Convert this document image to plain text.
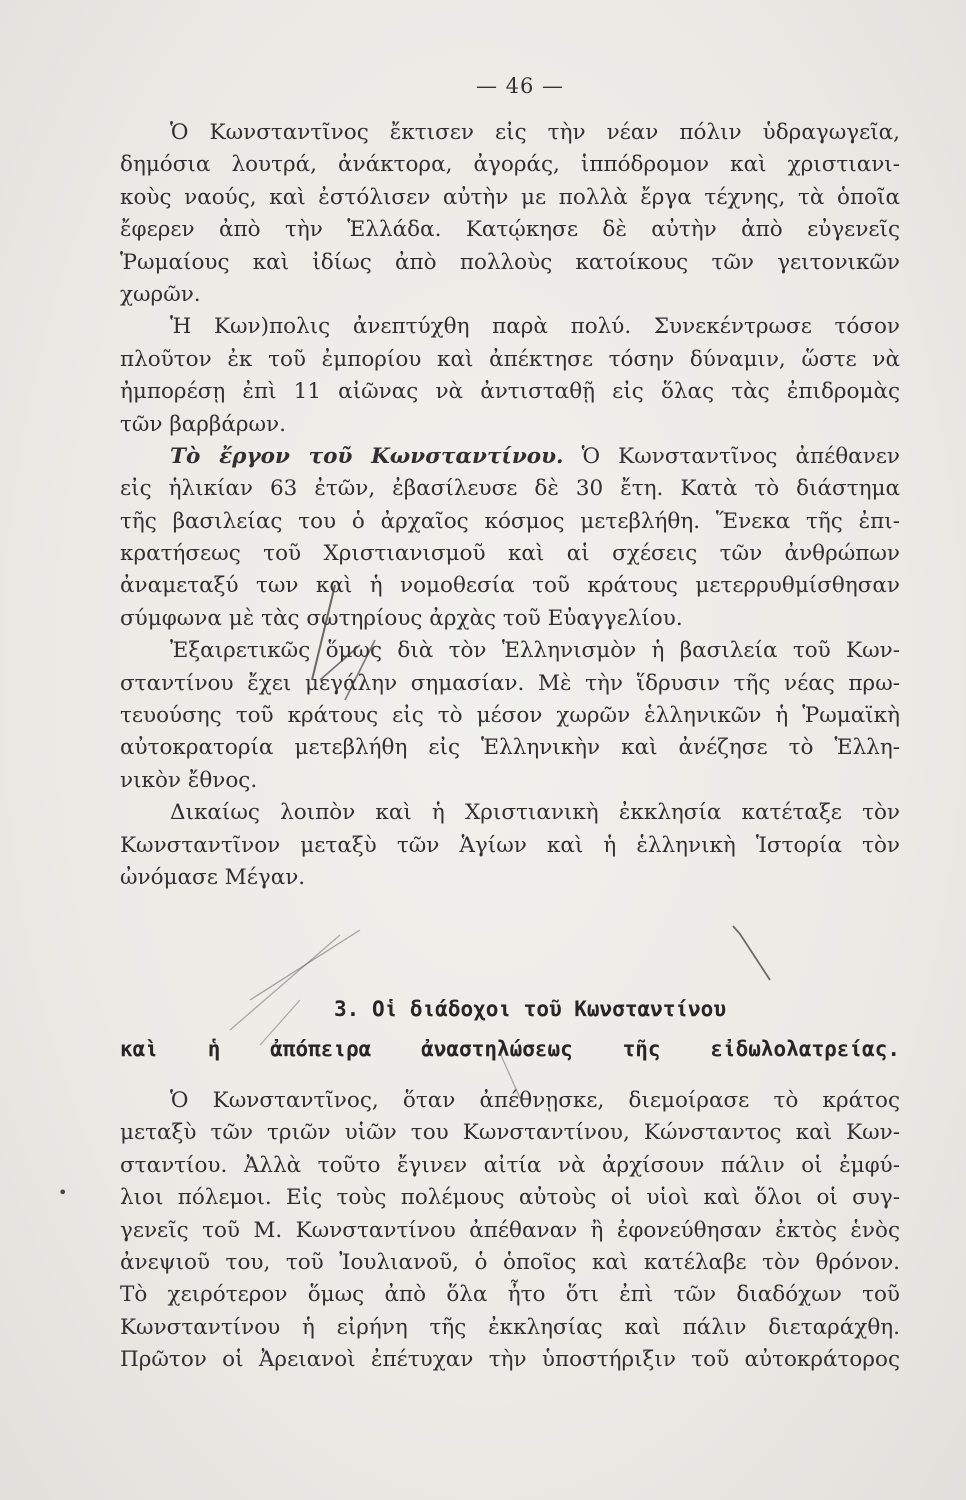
— 46 —
Ὁ Κωνσταντῖνος ἔκτισεν εἰς τὴν νέαν πόλιν ὑδραγωγεῖα,
δημόσια λουτρά, ἀνάκτορα, ἀγοράς, ἱππόδρομον καὶ χριστιανι-
κοὺς ναούς, καὶ ἐστόλισεν αὐτὴν με πολλὰ ἔργα τέχνης, τὰ ὁποῖα
ἔφερεν ἀπὸ τὴν Ἑλλάδα. Κατῴκησε δὲ αὐτὴν ἀπὸ εὐγενεῖς
Ῥωμαίους καὶ ἰδίως ἀπὸ πολλοὺς κατοίκους τῶν γειτονικῶν
χωρῶν.
Ἡ Κων)πολις ἀνεπτύχθη παρὰ πολύ. Συνεκέντρωσε τόσον
πλοῦτον ἐκ τοῦ ἐμπορίου καὶ ἀπέκτησε τόσην δύναμιν, ὥστε νὰ
ἠμπορέσῃ ἐπὶ 11 αἰῶνας νὰ ἀντισταθῇ εἰς ὅλας τὰς ἐπιδρομὰς
τῶν βαρβάρων.
Τὸ ἔργον τοῦ Κωνσταντίνου. Ὁ Κωνσταντῖνος ἀπέθανεν
εἰς ἡλικίαν 63 ἐτῶν, ἐβασίλευσε δὲ 30 ἔτη. Κατὰ τὸ διάστημα
τῆς βασιλείας του ὁ ἀρχαῖος κόσμος μετεβλήθη. Ἕνεκα τῆς ἐπι-
κρατήσεως τοῦ Χριστιανισμοῦ καὶ αἱ σχέσεις τῶν ἀνθρώπων
ἀναμεταξύ των καὶ ἡ νομοθεσία τοῦ κράτους μετερρυθμίσθησαν
σύμφωνα μὲ τὰς σωτηρίους ἀρχὰς τοῦ Εὐαγγελίου.
Ἐξαιρετικῶς ὅμως διὰ τὸν Ἑλληνισμὸν ἡ βασιλεία τοῦ Κων-
σταντίνου ἔχει μεγάλην σημασίαν. Μὲ τὴν ἵδρυσιν τῆς νέας πρω-
τευούσης τοῦ κράτους εἰς τὸ μέσον χωρῶν ἑλληνικῶν ἡ Ῥωμαϊκὴ
αὐτοκρατορία μετεβλήθη εἰς Ἑλληνικὴν καὶ ἀνέζησε τὸ Ἑλλη-
νικὸν ἔθνος.
Δικαίως λοιπὸν καὶ ἡ Χριστιανικὴ ἐκκλησία κατέταξε τὸν
Κωνσταντῖνον μεταξὺ τῶν Ἁγίων καὶ ἡ ἑλληνικὴ Ἱστορία τὸν
ὠνόμασε Μέγαν.
3. Οἱ διάδοχοι τοῦ Κωνσταντίνου
καὶ ἡ ἀπόπειρα ἀναστηλώσεως τῆς εἰδωλολατρείας.
Ὁ Κωνσταντῖνος, ὅταν ἀπέθνῃσκε, διεμοίρασε τὸ κράτος
μεταξὺ τῶν τριῶν υἱῶν του Κωνσταντίνου, Κώνσταντος καὶ Κων-
σταντίου. Ἀλλὰ τοῦτο ἔγινεν αἰτία νὰ ἀρχίσουν πάλιν οἱ ἐμφύ-
λιοι πόλεμοι. Εἰς τοὺς πολέμους αὐτοὺς οἱ υἱοὶ καὶ ὅλοι οἱ συγ-
γενεῖς τοῦ Μ. Κωνσταντίνου ἀπέθαναν ἢ ἐφονεύθησαν ἐκτὸς ἑνὸς
ἀνεψιοῦ του, τοῦ Ἰουλιανοῦ, ὁ ὁποῖος καὶ κατέλαβε τὸν θρόνον.
Τὸ χειρότερον ὅμως ἀπὸ ὅλα ἦτο ὅτι ἐπὶ τῶν διαδόχων τοῦ
Κωνσταντίνου ἡ εἰρήνη τῆς ἐκκλησίας καὶ πάλιν διεταράχθη.
Πρῶτον οἱ Ἀρειανοὶ ἐπέτυχαν τὴν ὑποστήριξιν τοῦ αὐτοκράτορος
•
